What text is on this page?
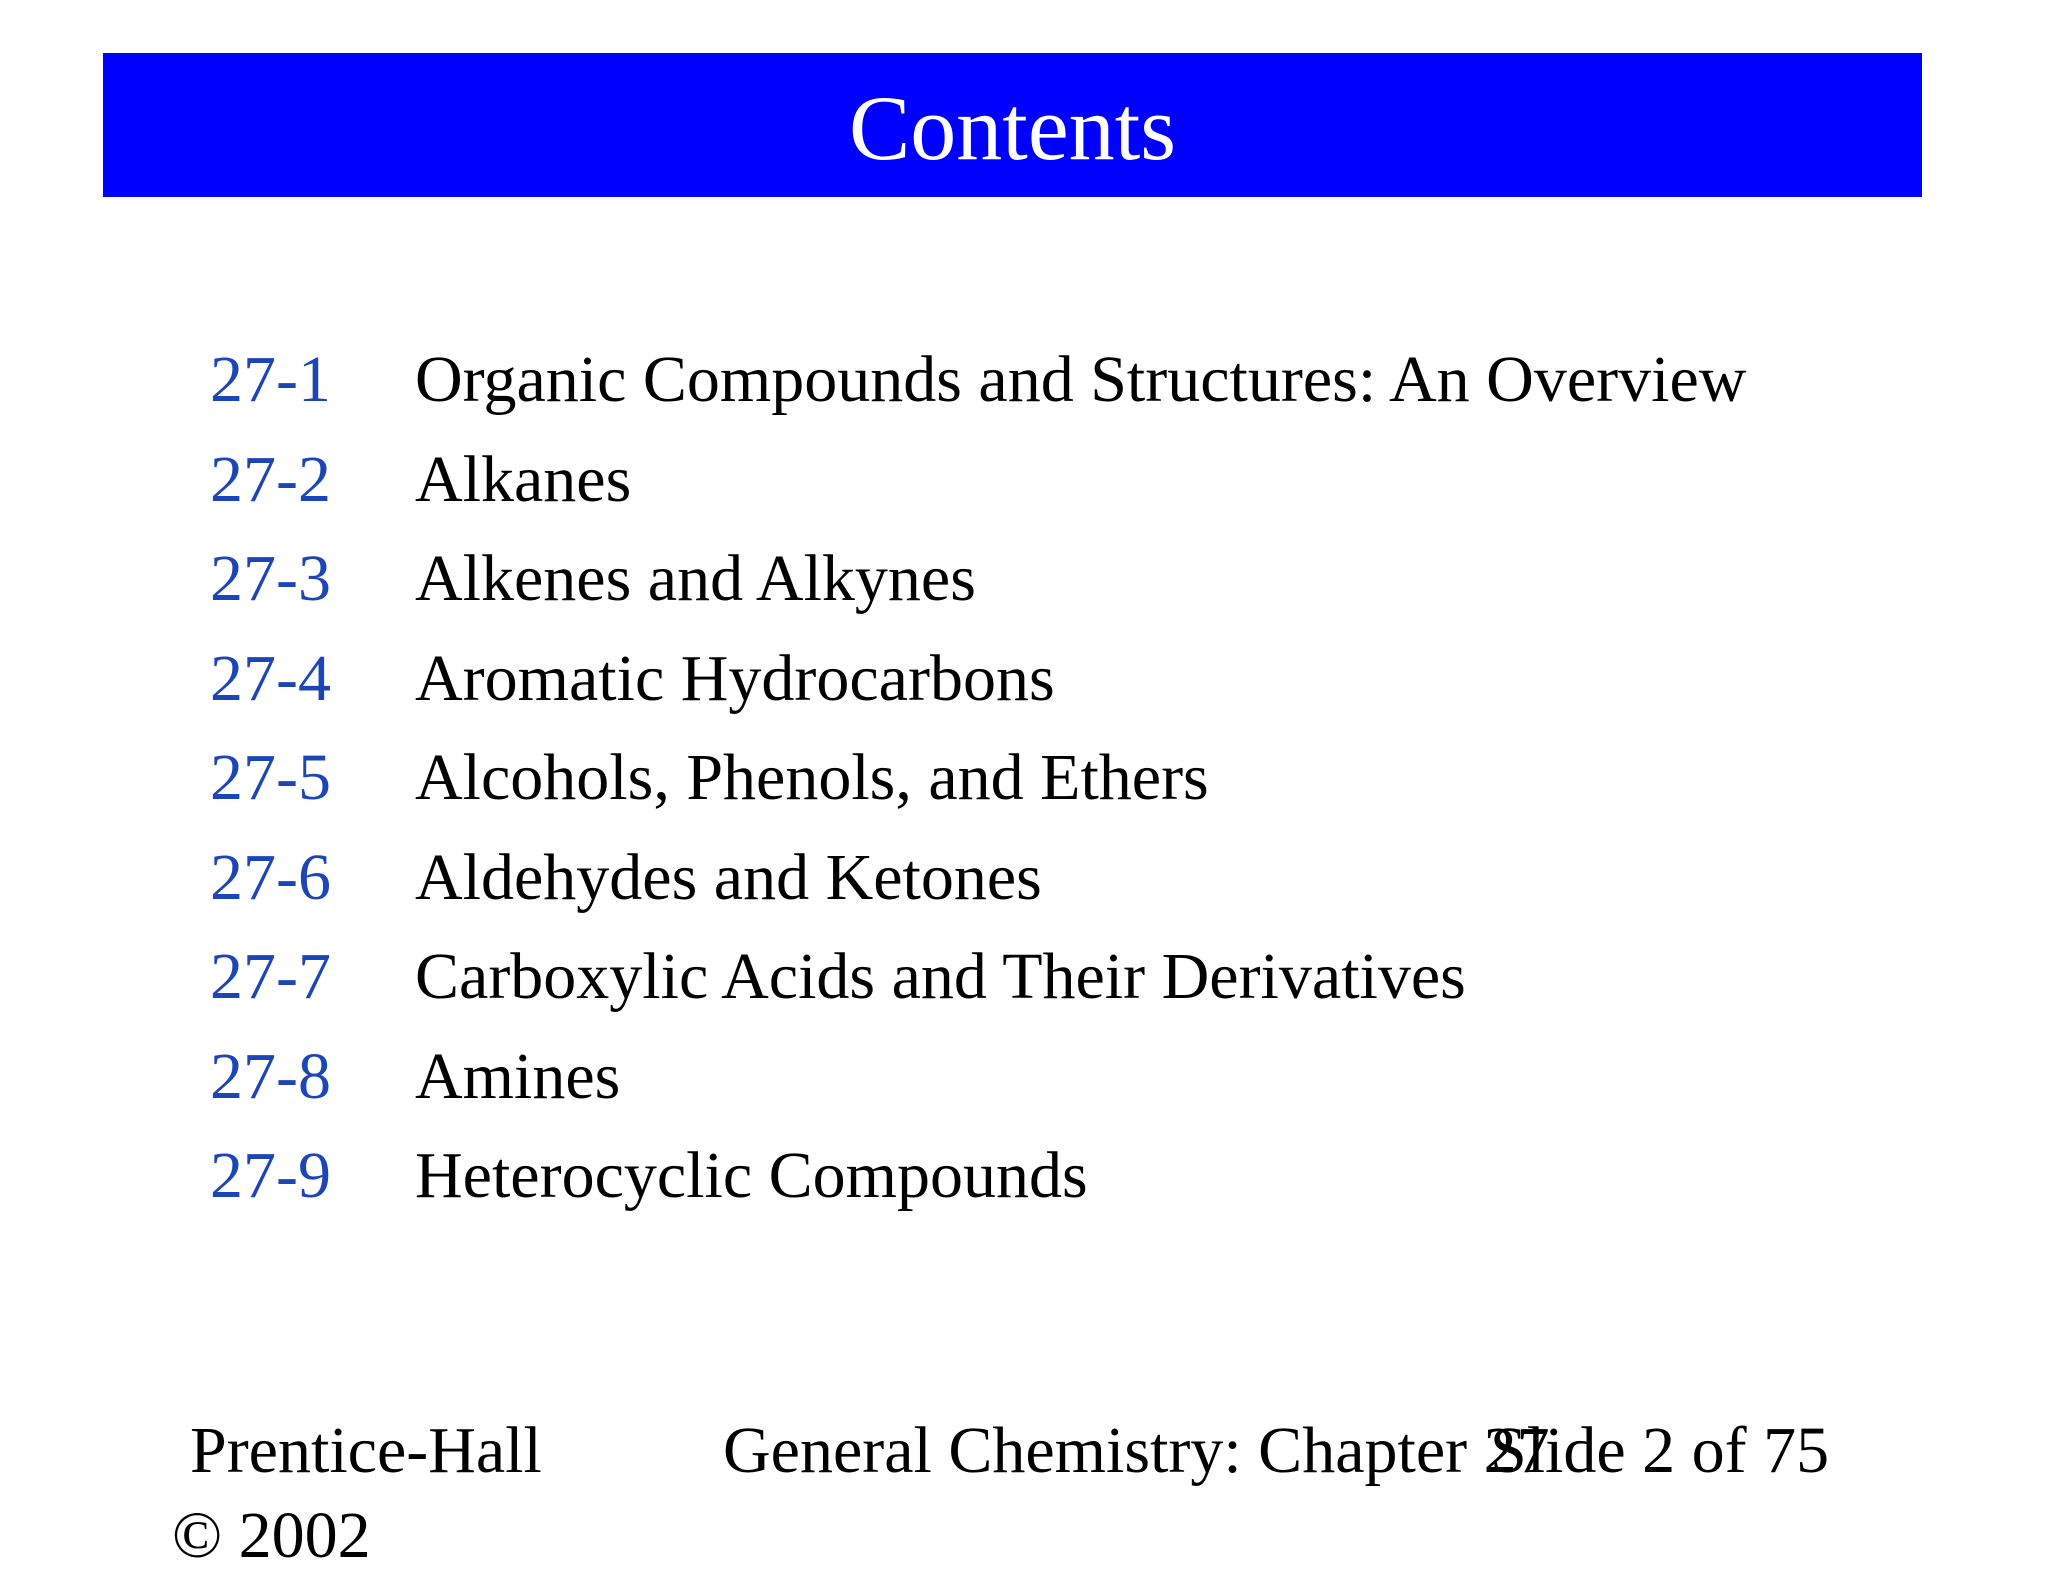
Contents
27-1	Organic Compounds and Structures: An Overview
27-2	Alkanes
27-3	Alkenes and Alkynes
27-4	Aromatic Hydrocarbons
27-5	Alcohols, Phenols, and Ethers
27-6	Aldehydes and Ketones
27-7	Carboxylic Acids and Their Derivatives
27-8	Amines
27-9	Heterocyclic Compounds
Prentice-Hall
© 2002
General Chemistry: Chapter 27
Slide 2 of 75
